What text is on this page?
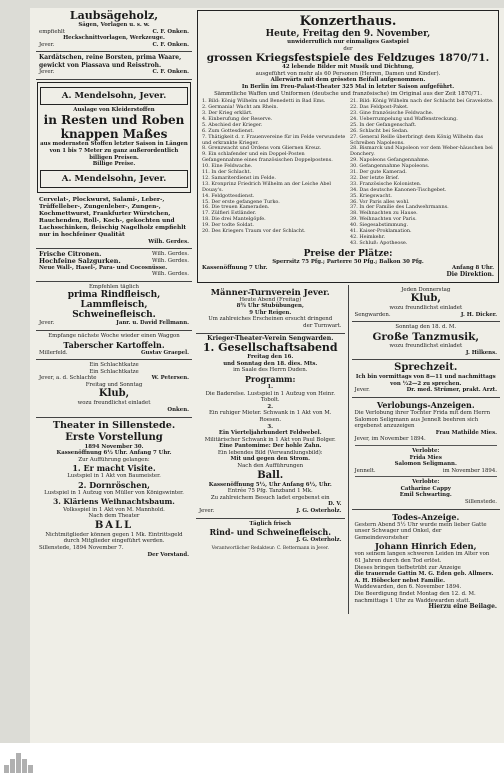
Laubsägeholz,
Sägen, Vorlagen u. s. w.
empfiehlt	C. F. Onken.
Heckschnittvorlagen, Werkzeuge.
Jever.	C. F. Onken.
Kardätschen, reine Borsten, prima Waare, gewickt von Piassava und Reisstroh.
Jever.	C. F. Onken.
A. Mendelsohn, Jever.
Auslage von Kleiderstoffen
in Resten und Roben
knappen Maßes
aus modernsten Stoffen letzter Saison in Längen von 1 bis 7 Meter zu ganz außerordentlich billigen Preisen.
Billige Preise.
A. Mendelsohn, Jever.
Cervelat-, Plockwurst, Salami-, Leber-, Trüffelleber-, Zungenleber-, Zungen-, Kochmettwurst, Frankfurter Würstchen, Rauchenden, Roll-, Koch-, gekochten und Lachsschinken, fleischig Nagelholz empfiehlt nur in hochfeiner Qualität
Wilh. Gerdes.
Frische Citronen.	Wilh. Gerdes.
Hochfeine Salzgurken.	Wilh. Gerdes.
Neue Wall-, Hasel-, Para- und Cocosnüsse.
Wilh. Gerdes.
Empfehlen täglich
prima Rindfleisch,
Lammfleisch,
Schweinefleisch.
Jever.	Janr. u. David Fellmann.
Empfange nächste Woche wieder einen Waggon
Taberscher Kartoffeln.
Millerfeld.	Gustav Graepel.
Ein Schlachtkatze
Ein Schlachtkatze
Jever, a. d. Schlachte	W. Petersen.
Freitag und Sonntag
Klub,
wozu freundlichst einladet
Onken.
Theater in Sillenstede.
Erste Vorstellung
1894 November 30.
Kassenöffnung 6½ Uhr. Anfang 7 Uhr.
Zur Aufführung gelangen:
1. Er macht Visite.
Lustspiel in 1 Akt von Baumeister.
2. Dornröschen,
Lustspiel in 1 Aufzug von Müller von Königswinter.
3. Kläriens Weihnachtsbaum.
Volksspiel in 1 Akt von M. Mannhold.
Nach dem Theater
BALL
Nichtmitglieder können gegen 1 Mk. Eintrittsgeld durch Mitglieder eingeführt werden.
Sillenstede, 1894 November 7.
Der Vorstand.
Konzerthaus.
Heute, Freitag den 9. November,
unwiderruflich nur einmaliges Gastspiel
der
grossen Kriegsfestspiele des Feldzuges 1870/71.
42 lebende Bilder mit Musik und Dichtung,
ausgeführt von mehr als 60 Personen (Herren, Damen und Kinder).
Allerwärts mit dem grössten Beifall aufgenommen.
In Berlin im Freu-Palast-Theater 325 Mal in letzter Saison aufgeführt.
Sämmtliche Waffen und Uniformen (deutsche und französische) im Original aus der Zeit 1870/71.
1. Bild: König Wilhelm und Benedetti in Bad Ems.
2. Germania! Wacht am Rhein.
3. Der Krieg erklärt.
4. Einberufung der Reserve.
5. Abschied der Krieger.
6. Zum Gottesdienst.
7. Thätigkeit d. r. Frauenvereine für im Felde verwundete und erkrankte Krieger.
8. Grenzwacht und Ordens vom Gliernen Kreuz.
9. Ein schlafender und ein Doppel-Posten Gefangennahme eines französischen Doppelpostens.
10. Eine Feldwache.
11. In der Schlacht.
12. Samariterdienst im Felde.
13. Kronprinz Friedrich Wilhelm an der Leiche Abel Douay's.
14. Feldgottesdienst.
15. Der erste gefangene Turko.
16. Die treuen Kameraden.
17. Zülfieri Estländer.
18. Die drei Mantelgöpfe.
19. Der todte Soldat.
20. Des Kriegers Traum vor der Schlacht.
21. Bild: König Wilhelm nach der Schlacht bei Gravelotte.
22. Das Feldpost-Paket.
23. Gine französische Feldwache.
24. Ueberrumpelung und Waffenstreckung.
25. In der Gefangenschaft.
26. Schlacht bei Sedan.
27. General Reille überbringt dem König Wilhelm das Schreiben Napoleons.
28. Bismarck und Napoleon vor dem Weber-häuschen bei Donchery.
29. Napoleons Gefangennahme.
30. Gefangennahme Napoleons.
31. Der gute Kamerad.
32. Der letzte Brief.
33. Französische Kolonisten.
34. Das deutsche Kanonen-Tischgebet.
35. Kriegswacht.
36. Vor Paris alles wohl.
37. In der Familie des Landwehrmanns.
38. Weihnachten zu Hause.
39. Weihnachten vor Paris.
40. Siegesabstimmung.
41. Kaiser-Proklamation.
42. Heimkehr.
43. Schluß: Apotheose.
Preise der Plätze:
Sperrsitz 75 Pfg.; Parterre 50 Pfg.; Balkon 30 Pfg.
Kassenöffnung 7 Uhr.	Anfang 8 Uhr.
Die Direktion.
Männer-Turnverein Jever.
Heute Abend (Freitag)
8¾ Uhr Stubübungen,
9 Uhr Reigen.
Um zahlreiches Erscheinen ersucht dringend
der Turnwart.
Krieger-Theater-Verein Sengwarden.
1. Gesellschaftsabend
Freitag den 16.
und Sonntag den 18. dies. Mts.
im Saale des Herrn Duden.
Programm:
1.
Die Baderelse. Lustspiel in 1 Aufzug von Heinr. Tobolt.
2.
Ein ruhiger Mieter. Schwank in 1 Akt von M. Roesen.
3.
Ein Vierteljahrhundert Feldwebel.
Militärischer Schwank in 1 Akt von Paul Bolger.
Eine Pantomime: Der hohle Zahn.
Ein lebendes Bild (Verwandlungsbild):
Mit und gegen den Strom.
Nach den Aufführungen
Ball.
Kassenöffnung 5½, Uhr Anfang 6½, Uhr.
Entrée 75 Pfg. Tanzband 1 Mk.
Zu zahlreichem Besuch ladet ergebenst ein
D. V.
Jever.	J. G. Osterholz.
Täglich frisch
Rind- und Schweinefleisch.
J. G. Osterholz.
Verantwortlicher Redakteur: C. Bettermann in Jever.
Jeden Donnerstag
Klub,
wozu freundlichst einladet
Sengwarden.	J. H. Dicker.
Sonntag den 18. d. M.
Große Tanzmusik,
wozu freundlichst einladet
J. Hilkens.
Sprechzeit.
Ich bin vormittags von 8—11 und nachmittags von ½2—2 zu sprechen.
Jever.	Dr. med. Strümer, prakt. Arzt.
Verlobungs-Anzeigen.
Die Verlobung ihrer Tochter Frida mit dem Herrn Salomon Seligmann aus Jennelt beehren sich ergebenst anzuzeigen
Frau Mathilde Mies.
Jever, im November 1894.
Verlobte:
Frida Mies
Salomon Seligmann.
Jennelt.	im November 1894.
Verlobte:
Catharine Cappy
Emil Schwarting.
Sillenstede.
Todes-Anzeige.
Gestern Abend 5½ Uhr wurde mein lieber Gatte unser Schwager und Onkel, der Gemeindevorsteher
Johann Hinrich Eden,
von seinem langen schweren Leiden im Alter von 61 Jahren durch den Tod erlöst.
Dieses bringen tiefbetrübt zur Anzeige
die trauernde Gattin M. G. Eden geb. Allmers.
A. H. Höbecker nebst Familie.
Waddewarden, den 6. November 1894.
Die Beerdigung findet Montag den 12. d. M. nachmittags 1 Uhr zu Waddewarden statt.
Hierzu eine Beilage.
